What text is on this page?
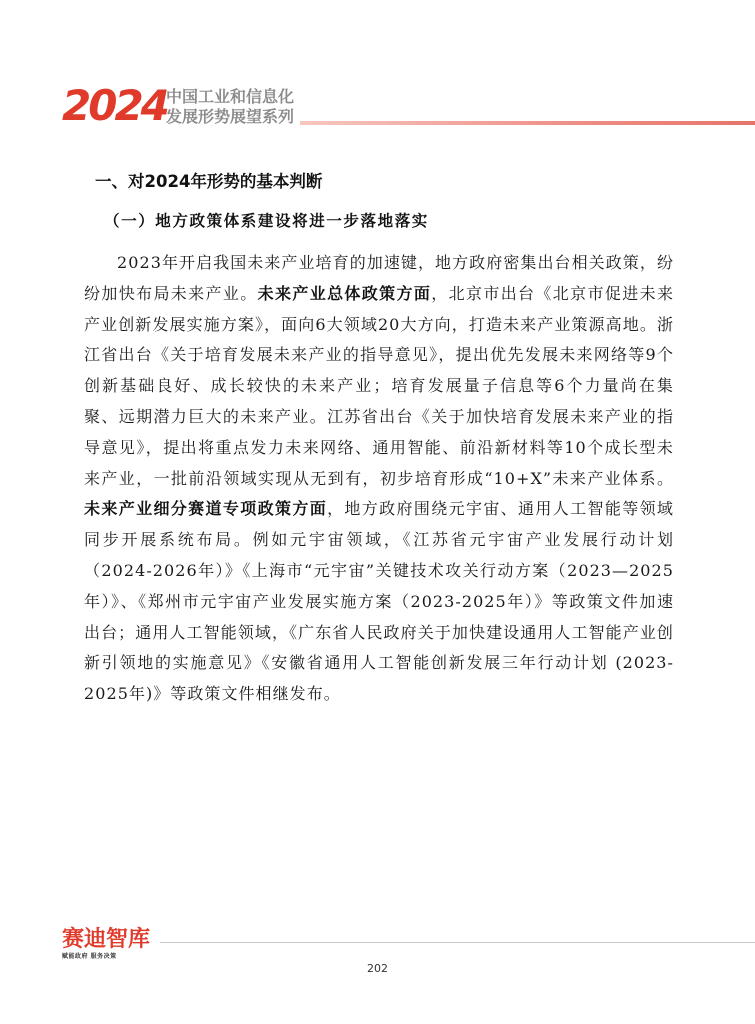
2024 中国工业和信息化
发展形势展望系列
一、对2024年形势的基本判断
（一）地方政策体系建设将进一步落地落实
2023年开启我国未来产业培育的加速键，地方政府密集出台相关政策，纷纷加快布局未来产业。未来产业总体政策方面，北京市出台《北京市促进未来产业创新发展实施方案》，面向6大领域20大方向，打造未来产业策源高地。浙江省出台《关于培育发展未来产业的指导意见》，提出优先发展未来网络等9个创新基础良好、成长较快的未来产业；培育发展量子信息等6个力量尚在集聚、远期潜力巨大的未来产业。江苏省出台《关于加快培育发展未来产业的指导意见》，提出将重点发力未来网络、通用智能、前沿新材料等10个成长型未来产业，一批前沿领域实现从无到有，初步培育形成“10+X”未来产业体系。未来产业细分赛道专项政策方面，地方政府围绕元宇宙、通用人工智能等领域同步开展系统布局。例如元宇宙领域，《江苏省元宇宙产业发展行动计划（2024-2026年）》《上海市“元宇宙”关键技术攻关行动方案（2023—2025年）》、《郑州市元宇宙产业发展实施方案（2023-2025年）》等政策文件加速出台；通用人工智能领域，《广东省人民政府关于加快建设通用人工智能产业创新引领地的实施意见》《安徽省通用人工智能创新发展三年行动计划 (2023-2025年)》等政策文件相继发布。
赛迪智库
赋能政府 服务决策
202
